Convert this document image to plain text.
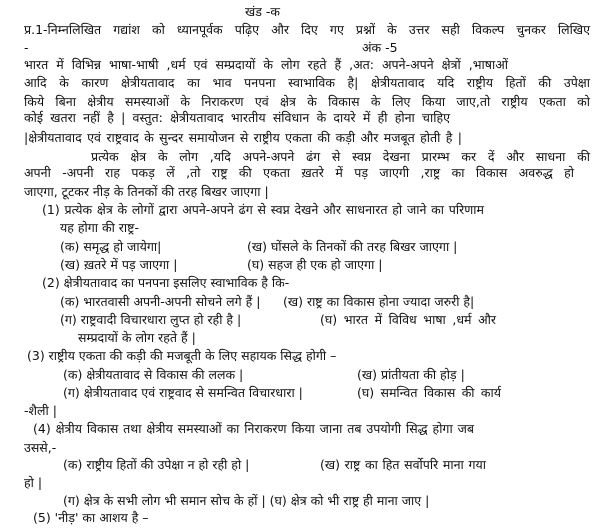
खंड -क
प्र.1-निम्नलिखित गद्यांश को ध्यानपूर्वक पढ़िए और दिए गए प्रश्नों के उत्तर सही विकल्प चुनकर लिखिए
-	अंक -5
भारत में विभिन्न भाषा-भाषी ,धर्म एवं सम्प्रदायों के लोग रहते हैं ,अत: अपने-अपने क्षेत्रों ,भाषाओं
आदि के कारण क्षेत्रीयतावाद का भाव पनपना स्वाभाविक है| क्षेत्रीयतावाद यदि राष्ट्रीय हितों की उपेक्षा
किये बिना क्षेत्रीय समस्याओं के निराकरण एवं क्षेत्र के विकास के लिए किया जाए,तो राष्ट्रीय एकता को
कोई खतरा नहीं है | वस्तुत: क्षेत्रीयतावाद भारतीय संविधान के दायरे में ही होना चाहिए
|क्षेत्रीयतावाद एवं राष्ट्रवाद के सुन्दर समायोजन से राष्ट्रीय एकता की कड़ी और मजबूत होती है |
प्रत्येक क्षेत्र के लोग ,यदि अपने-अपने ढंग से स्वप्न देखना प्रारम्भ कर दें और साधना की
अपनी -अपनी राह पकड़ लें ,तो राष्ट्र की एकता ख़तरे में पड़ जाएगी ,राष्ट्र का विकास अवरुद्ध हो
जाएगा, टूटकर नीड़ के तिनकों की तरह बिखर जाएगा |
(1) प्रत्येक क्षेत्र के लोगों द्वारा अपने-अपने ढंग से स्वप्न देखने और साधनारत हो जाने का परिणाम
यह होगा की राष्ट्र-
(क) समृद्ध हो जायेगा|	(ख) घोंसले के तिनकों की तरह बिखर जाएगा |
(ख) ख़तरे में पड़ जाएगा |	(घ) सहज ही एक हो जाएगा |
(2) क्षेत्रीयतावाद का पनपना इसलिए स्वाभाविक है कि-
(क) भारतवासी अपनी-अपनी सोचने लगे हैं | (ख) राष्ट्र का विकास होना ज्यादा जरुरी है|
(ग) राष्ट्रवादी विचारधारा लुप्त हो रही है |	(घ) भारत में विविध भाषा ,धर्म और
सम्प्रदायों के लोग रहते हैं |
(3) राष्ट्रीय एकता की कड़ी की मजबूती के लिए सहायक सिद्ध होगी –
(क) क्षेत्रीयतावाद से विकास की ललक |	(ख) प्रांतीयता की होड़ |
(ग) क्षेत्रीयतावाद एवं राष्ट्रवाद से समन्वित विचारधारा |	(घ) समन्वित विकास की कार्य
-शैली |
(4) क्षेत्रीय विकास तथा क्षेत्रीय समस्याओं का निराकरण किया जाना तब उपयोगी सिद्ध होगा जब
उससे,-
(क) राष्ट्रीय हितों की उपेक्षा न हो रही हो |	(ख) राष्ट्र का हित सर्वोपरि माना गया
हो |
(ग) क्षेत्र के सभी लोग भी समान सोच के हों | (घ) क्षेत्र को भी राष्ट्र ही माना जाए |
(5) 'नीड़' का आशय है –
